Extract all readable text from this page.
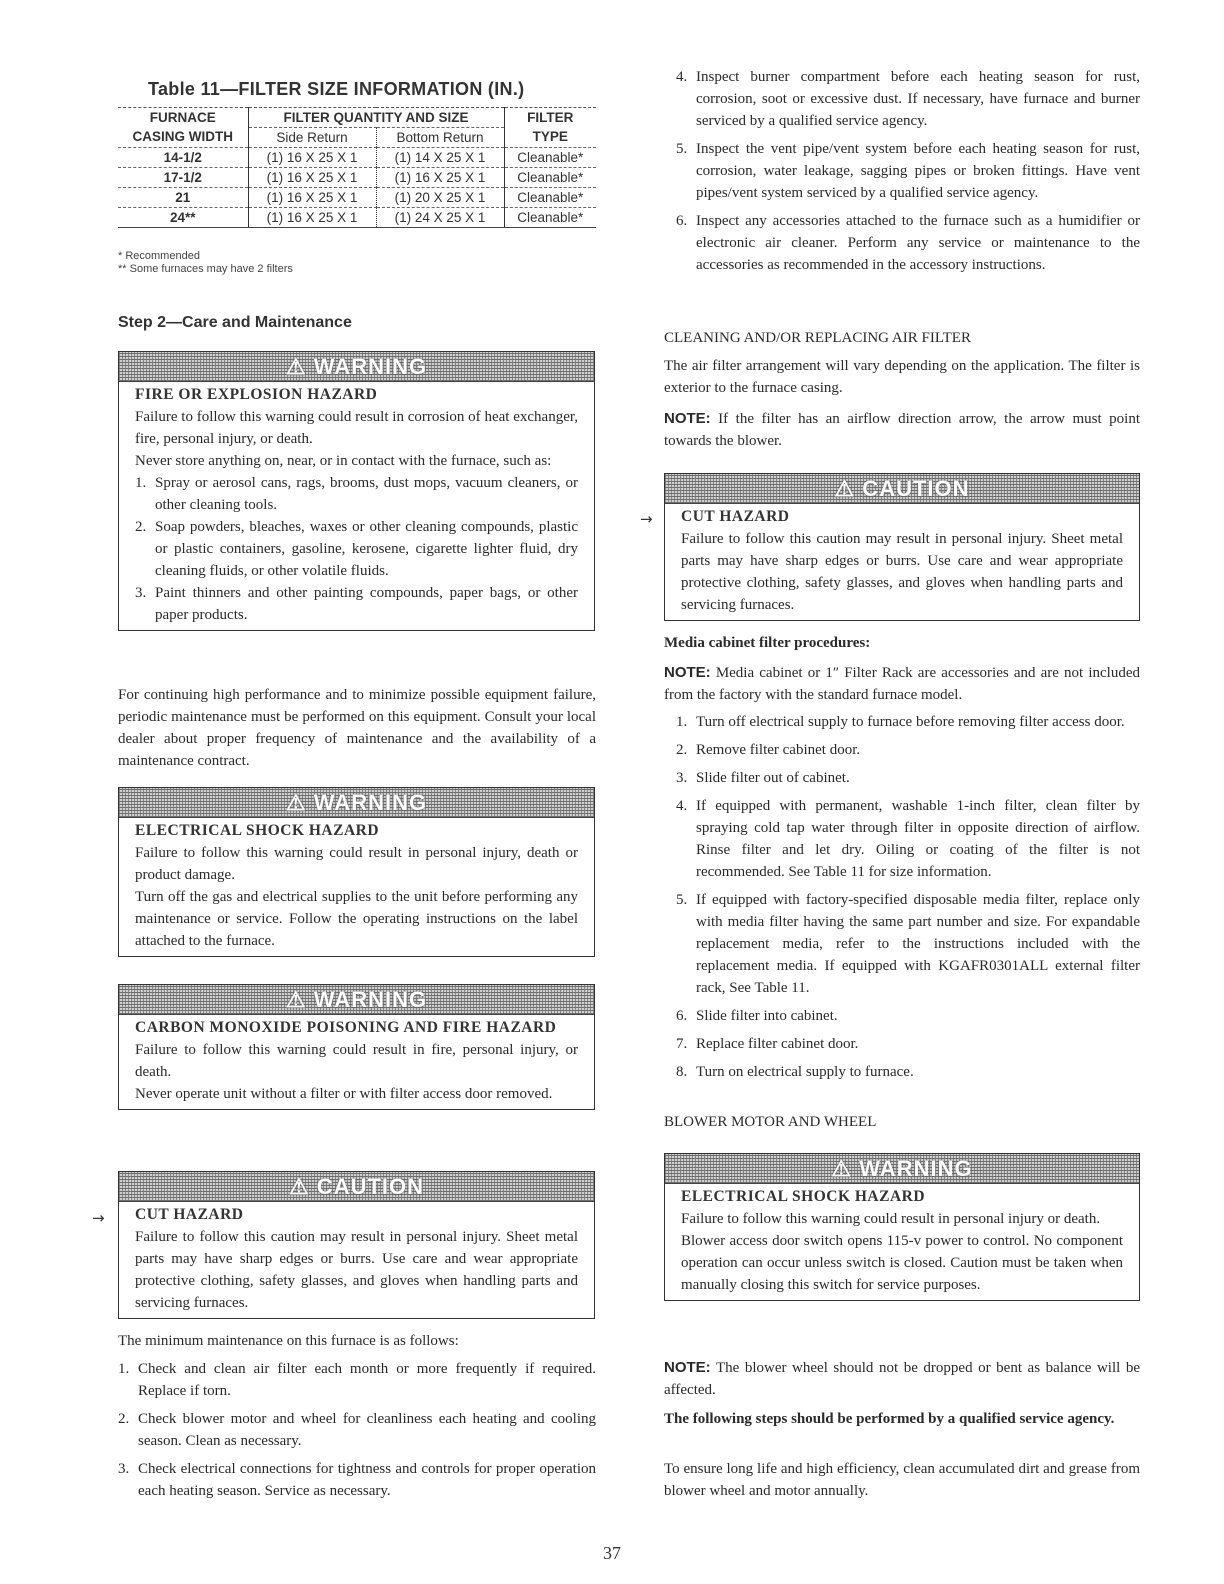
Table 11—FILTER SIZE INFORMATION (IN.)
FURNACE	FILTER QUANTITY AND SIZE		FILTER
CASING WIDTH	Side Return	Bottom Return	TYPE
14-1/2	(1) 16 X 25 X 1	(1) 14 X 25 X 1	Cleanable*
17-1/2	(1) 16 X 25 X 1	(1) 16 X 25 X 1	Cleanable*
21	(1) 16 X 25 X 1	(1) 20 X 25 X 1	Cleanable*
24**	(1) 16 X 25 X 1	(1) 24 X 25 X 1	Cleanable*
* Recommended
** Some furnaces may have 2 filters
Step 2—Care and Maintenance
⚠ WARNING
FIRE OR EXPLOSION HAZARD
Failure to follow this warning could result in corrosion of heat exchanger, fire, personal injury, or death.
Never store anything on, near, or in contact with the furnace, such as:
1. Spray or aerosol cans, rags, brooms, dust mops, vacuum cleaners, or other cleaning tools.
2. Soap powders, bleaches, waxes or other cleaning compounds, plastic or plastic containers, gasoline, kerosene, cigarette lighter fluid, dry cleaning fluids, or other volatile fluids.
3. Paint thinners and other painting compounds, paper bags, or other paper products.
For continuing high performance and to minimize possible equipment failure, periodic maintenance must be performed on this equipment. Consult your local dealer about proper frequency of maintenance and the availability of a maintenance contract.
⚠ WARNING
ELECTRICAL SHOCK HAZARD
Failure to follow this warning could result in personal injury, death or product damage.
Turn off the gas and electrical supplies to the unit before performing any maintenance or service. Follow the operating instructions on the label attached to the furnace.
⚠ WARNING
CARBON MONOXIDE POISONING AND FIRE HAZARD
Failure to follow this warning could result in fire, personal injury, or death.
Never operate unit without a filter or with filter access door removed.
→
⚠ CAUTION
CUT HAZARD
Failure to follow this caution may result in personal injury. Sheet metal parts may have sharp edges or burrs. Use care and wear appropriate protective clothing, safety glasses, and gloves when handling parts and servicing furnaces.
The minimum maintenance on this furnace is as follows:
1. Check and clean air filter each month or more frequently if required. Replace if torn.
2. Check blower motor and wheel for cleanliness each heating and cooling season. Clean as necessary.
3. Check electrical connections for tightness and controls for proper operation each heating season. Service as necessary.
4. Inspect burner compartment before each heating season for rust, corrosion, soot or excessive dust. If necessary, have furnace and burner serviced by a qualified service agency.
5. Inspect the vent pipe/vent system before each heating season for rust, corrosion, water leakage, sagging pipes or broken fittings. Have vent pipes/vent system serviced by a qualified service agency.
6. Inspect any accessories attached to the furnace such as a humidifier or electronic air cleaner. Perform any service or maintenance to the accessories as recommended in the accessory instructions.
CLEANING AND/OR REPLACING AIR FILTER
The air filter arrangement will vary depending on the application. The filter is exterior to the furnace casing.
NOTE: If the filter has an airflow direction arrow, the arrow must point towards the blower.
→
⚠ CAUTION
CUT HAZARD
Failure to follow this caution may result in personal injury. Sheet metal parts may have sharp edges or burrs. Use care and wear appropriate protective clothing, safety glasses, and gloves when handling parts and servicing furnaces.
Media cabinet filter procedures:
NOTE: Media cabinet or 1″ Filter Rack are accessories and are not included from the factory with the standard furnace model.
1. Turn off electrical supply to furnace before removing filter access door.
2. Remove filter cabinet door.
3. Slide filter out of cabinet.
4. If equipped with permanent, washable 1-inch filter, clean filter by spraying cold tap water through filter in opposite direction of airflow. Rinse filter and let dry. Oiling or coating of the filter is not recommended. See Table 11 for size information.
5. If equipped with factory-specified disposable media filter, replace only with media filter having the same part number and size. For expandable replacement media, refer to the instructions included with the replacement media. If equipped with KGAFR0301ALL external filter rack, See Table 11.
6. Slide filter into cabinet.
7. Replace filter cabinet door.
8. Turn on electrical supply to furnace.
BLOWER MOTOR AND WHEEL
⚠ WARNING
ELECTRICAL SHOCK HAZARD
Failure to follow this warning could result in personal injury or death.
Blower access door switch opens 115-v power to control. No component operation can occur unless switch is closed. Caution must be taken when manually closing this switch for service purposes.
NOTE: The blower wheel should not be dropped or bent as balance will be affected.
The following steps should be performed by a qualified service agency.
To ensure long life and high efficiency, clean accumulated dirt and grease from blower wheel and motor annually.
37
